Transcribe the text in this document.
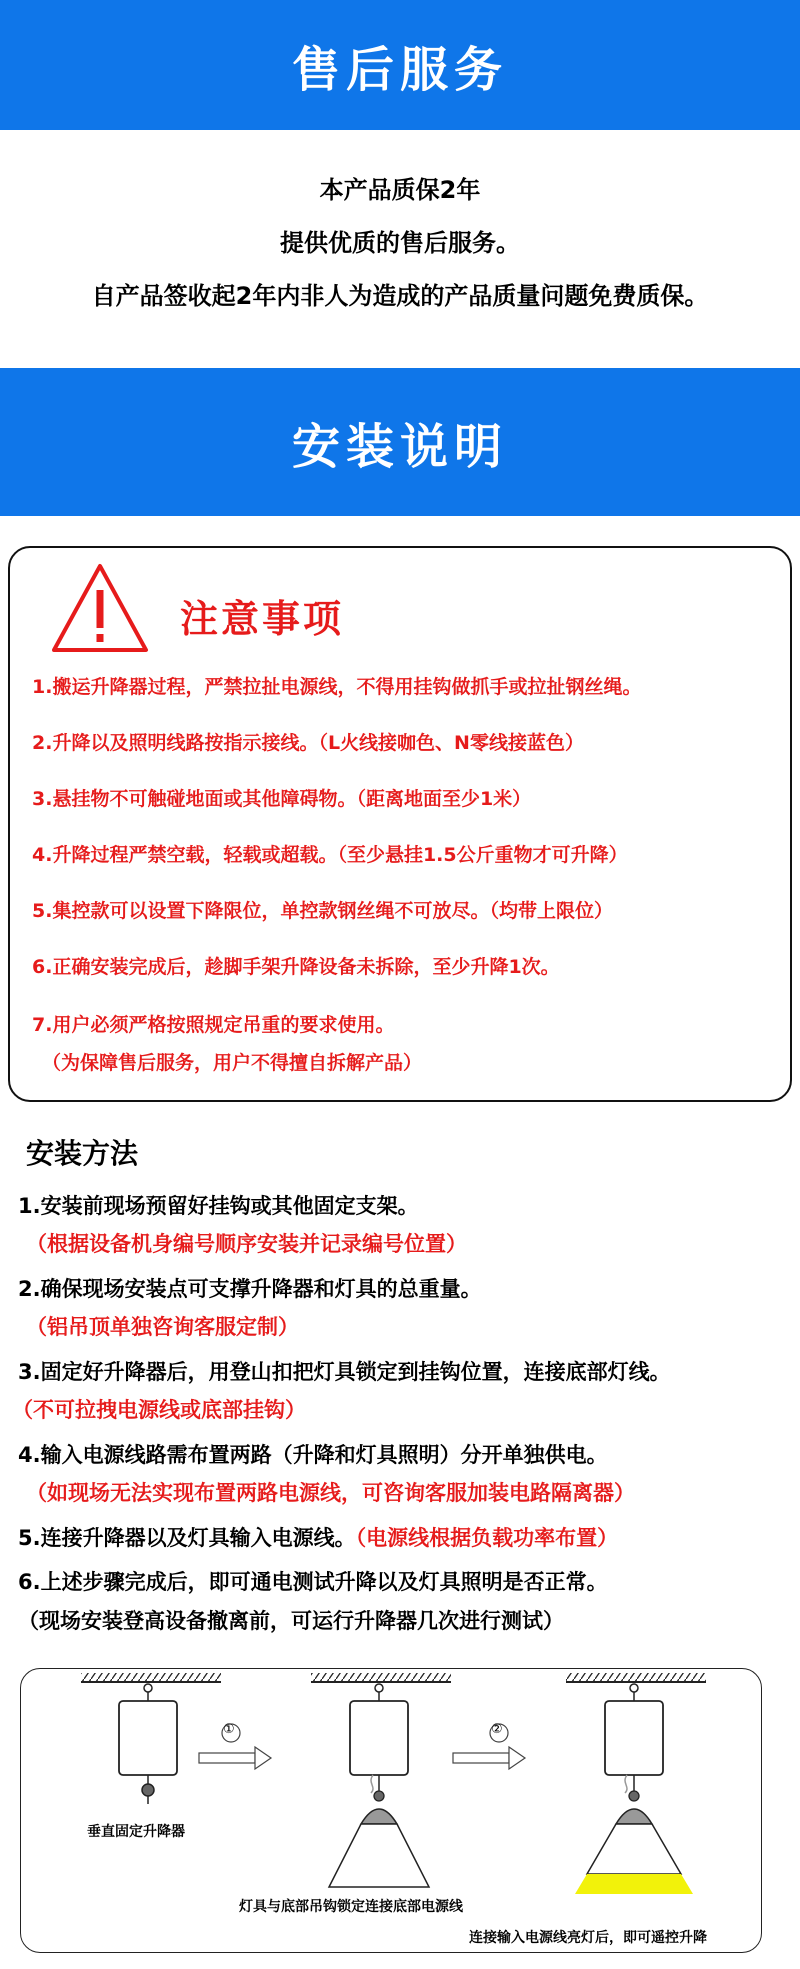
售后服务
本产品质保2年
提供优质的售后服务。
自产品签收起2年内非人为造成的产品质量问题免费质保。
安装说明
注意事项
1.搬运升降器过程，严禁拉扯电源线，不得用挂钩做抓手或拉扯钢丝绳。
2.升降以及照明线路按指示接线。（L火线接咖色、N零线接蓝色）
3.悬挂物不可触碰地面或其他障碍物。（距离地面至少1米）
4.升降过程严禁空载，轻载或超载。（至少悬挂1.5公斤重物才可升降）
5.集控款可以设置下降限位，单控款钢丝绳不可放尽。（均带上限位）
6.正确安装完成后，趁脚手架升降设备未拆除，至少升降1次。
7.用户必须严格按照规定吊重的要求使用。
（为保障售后服务，用户不得擅自拆解产品）
安装方法
1.安装前现场预留好挂钩或其他固定支架。
（根据设备机身编号顺序安装并记录编号位置）
2.确保现场安装点可支撑升降器和灯具的总重量。
（铝吊顶单独咨询客服定制）
3.固定好升降器后，用登山扣把灯具锁定到挂钩位置，连接底部灯线。
（不可拉拽电源线或底部挂钩）
4.输入电源线路需布置两路（升降和灯具照明）分开单独供电。
（如现场无法实现布置两路电源线，可咨询客服加装电路隔离器）
5.连接升降器以及灯具输入电源线。（电源线根据负载功率布置）
6.上述步骤完成后，即可通电测试升降以及灯具照明是否正常。
（现场安装登高设备撤离前，可运行升降器几次进行测试）
①	②
垂直固定升降器
灯具与底部吊钩锁定连接底部电源线
连接输入电源线亮灯后，即可遥控升降
